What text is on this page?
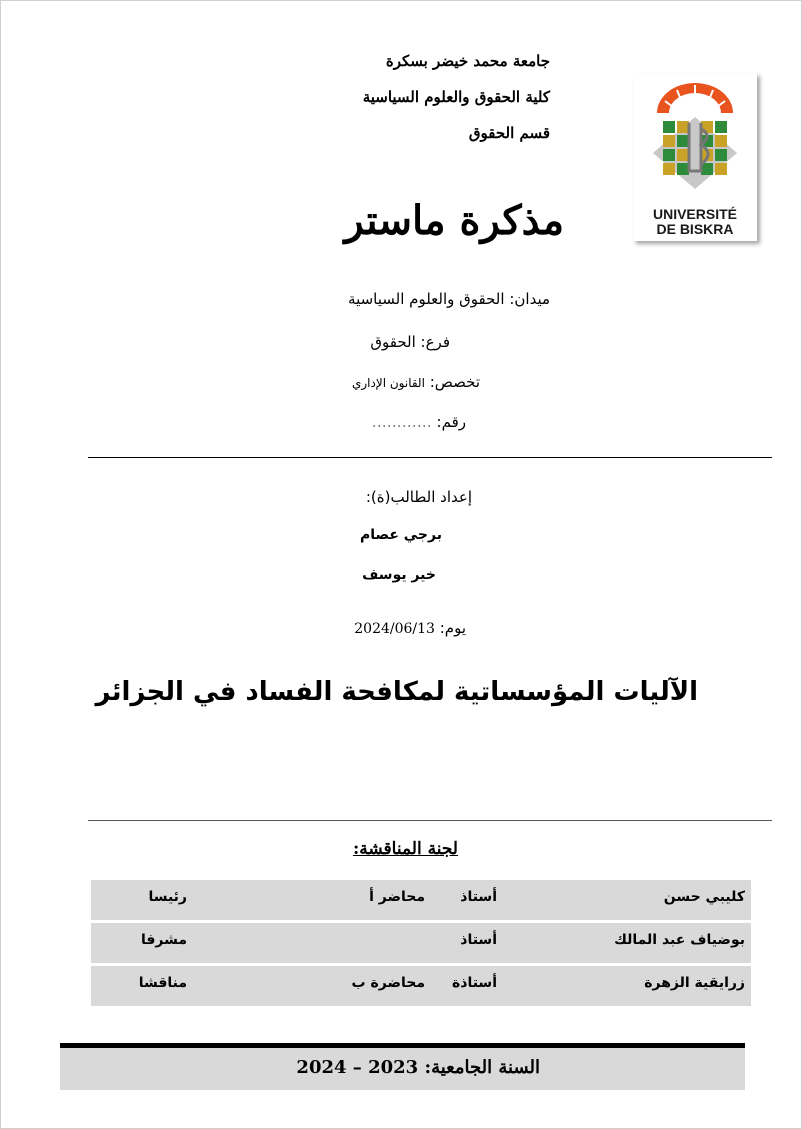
جامعة محمد خيضر بسكرة
كلية الحقوق والعلوم السياسية
قسم الحقوق
UNIVERSITÉ
DE BISKRA
مذكرة ماستر
ميدان: الحقوق والعلوم السياسية
فرع: الحقوق
تخصص: القانون الإداري
رقم: …………
إعداد الطالب(ة):
برجي عصام
خير يوسف
يوم: 2024/06/13
الآليات المؤسساتية لمكافحة الفساد في الجزائر
لجنة المناقشة:
كليبي حسن
أستاذ
محاضر أ
رئيسا
بوضياف عبد المالك
أستاذ
مشرفا
زرايقية الزهرة
أستاذة
محاضرة ب
مناقشا
السنة الجامعية: 2023 – 2024
